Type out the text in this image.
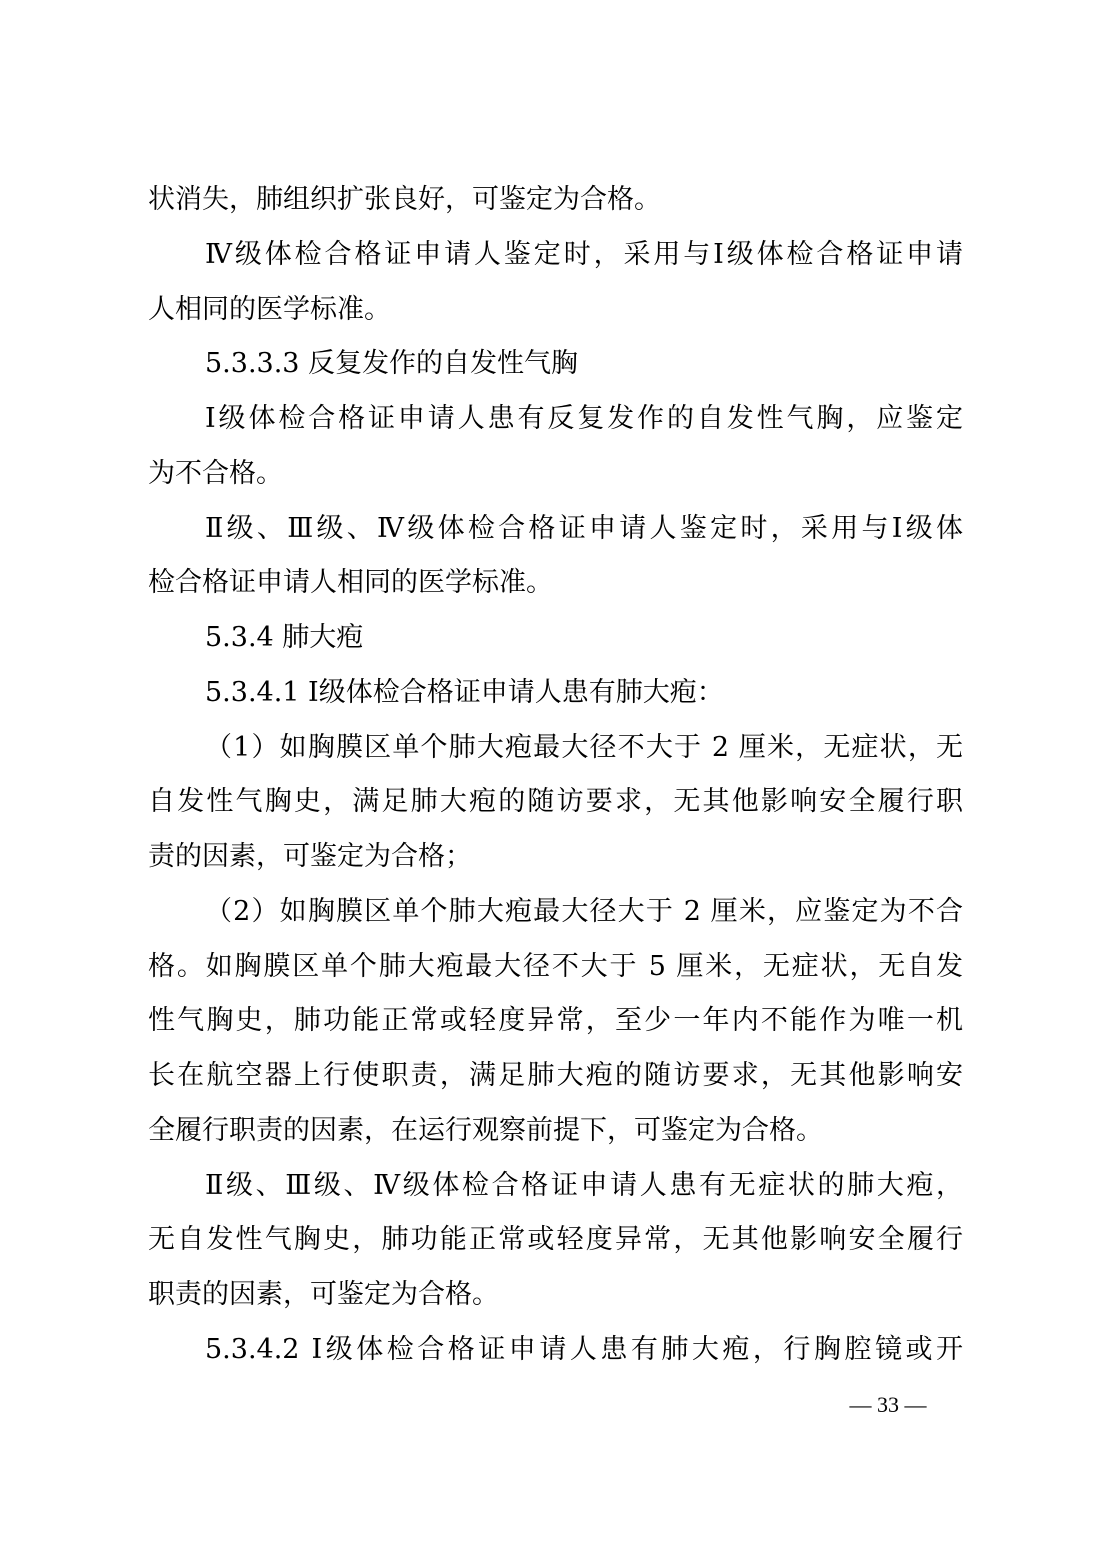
状消失，肺组织扩张良好，可鉴定为合格。
Ⅳ级体检合格证申请人鉴定时，采用与Ⅰ级体检合格证申请
人相同的医学标准。
5.3.3.3 反复发作的自发性气胸
Ⅰ级体检合格证申请人患有反复发作的自发性气胸，应鉴定
为不合格。
Ⅱ级、Ⅲ级、Ⅳ级体检合格证申请人鉴定时，采用与Ⅰ级体
检合格证申请人相同的医学标准。
5.3.4 肺大疱
5.3.4.1 Ⅰ级体检合格证申请人患有肺大疱：
（1）如胸膜区单个肺大疱最大径不大于 2 厘米，无症状，无
自发性气胸史，满足肺大疱的随访要求，无其他影响安全履行职
责的因素，可鉴定为合格；
（2）如胸膜区单个肺大疱最大径大于 2 厘米，应鉴定为不合
格。如胸膜区单个肺大疱最大径不大于 5 厘米，无症状，无自发
性气胸史，肺功能正常或轻度异常，至少一年内不能作为唯一机
长在航空器上行使职责，满足肺大疱的随访要求，无其他影响安
全履行职责的因素，在运行观察前提下，可鉴定为合格。
Ⅱ级、Ⅲ级、Ⅳ级体检合格证申请人患有无症状的肺大疱，
无自发性气胸史，肺功能正常或轻度异常，无其他影响安全履行
职责的因素，可鉴定为合格。
5.3.4.2 Ⅰ级体检合格证申请人患有肺大疱，行胸腔镜或开
— 33 —
